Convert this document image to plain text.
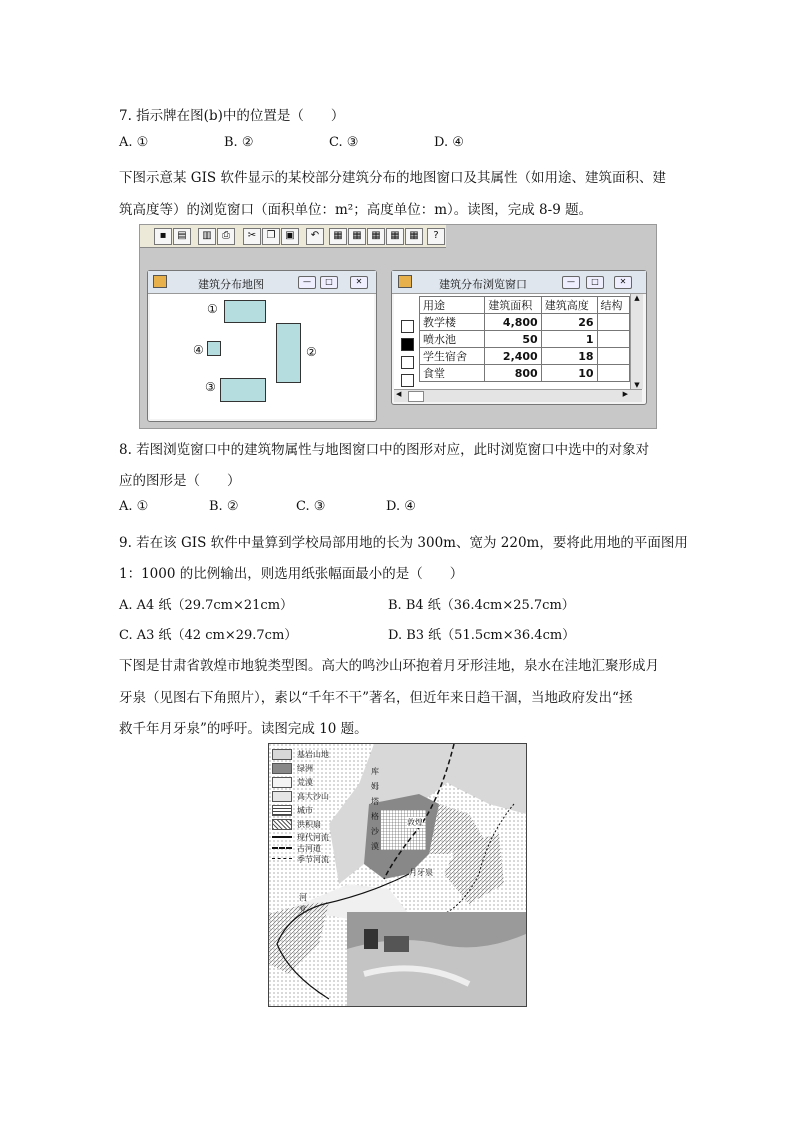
7. 指示牌在图(b)中的位置是（　　）
A. ①	B. ②	C. ③	D. ④
下图示意某 GIS 软件显示的某校部分建筑分布的地图窗口及其属性（如用途、建筑面积、建
筑高度等）的浏览窗口（面积单位：m²；高度单位：m）。读图，完成 8-9 题。
▪	▤	▥	⎙	✂	❐ ▣	↶	▦ ▦ ▦ ▦ ▦	?
建筑分布地图	—	□	✕
①
④	②
③
建筑分布浏览窗口	—	□	✕
用途	建筑面积	建筑高度	结构
教学楼	4,800	26	
喷水池	50	1	
学生宿舍	2,400	18	
食堂	800	10	
▲
▼
◀	▶
8. 若图浏览窗口中的建筑物属性与地图窗口中的图形对应，此时浏览窗口中选中的对象对
应的图形是（　　）
A. ①	B. ②	C. ③	D. ④
9. 若在该 GIS 软件中量算到学校局部用地的长为 300m、宽为 220m，要将此用地的平面图用
1：1000 的比例输出，则选用纸张幅面最小的是（　　）
A. A4 纸（29.7cm×21cm）	B. B4 纸（36.4cm×25.7cm）
C. A3 纸（42 cm×29.7cm）	D. B3 纸（51.5cm×36.4cm）
下图是甘肃省敦煌市地貌类型图。高大的鸣沙山环抱着月牙形洼地，泉水在洼地汇聚形成月
牙泉（见图右下角照片），素以“千年不干”著名，但近年来日趋干涸，当地政府发出“拯
救千年月牙泉”的呼吁。读图完成 10 题。
基岩山地
绿洲
荒漠
高大沙山
城市
洪积扇
现代河流
古河道
季节河流
库
姆
塔
格
沙
漠
敦煌
月牙泉
河
党
